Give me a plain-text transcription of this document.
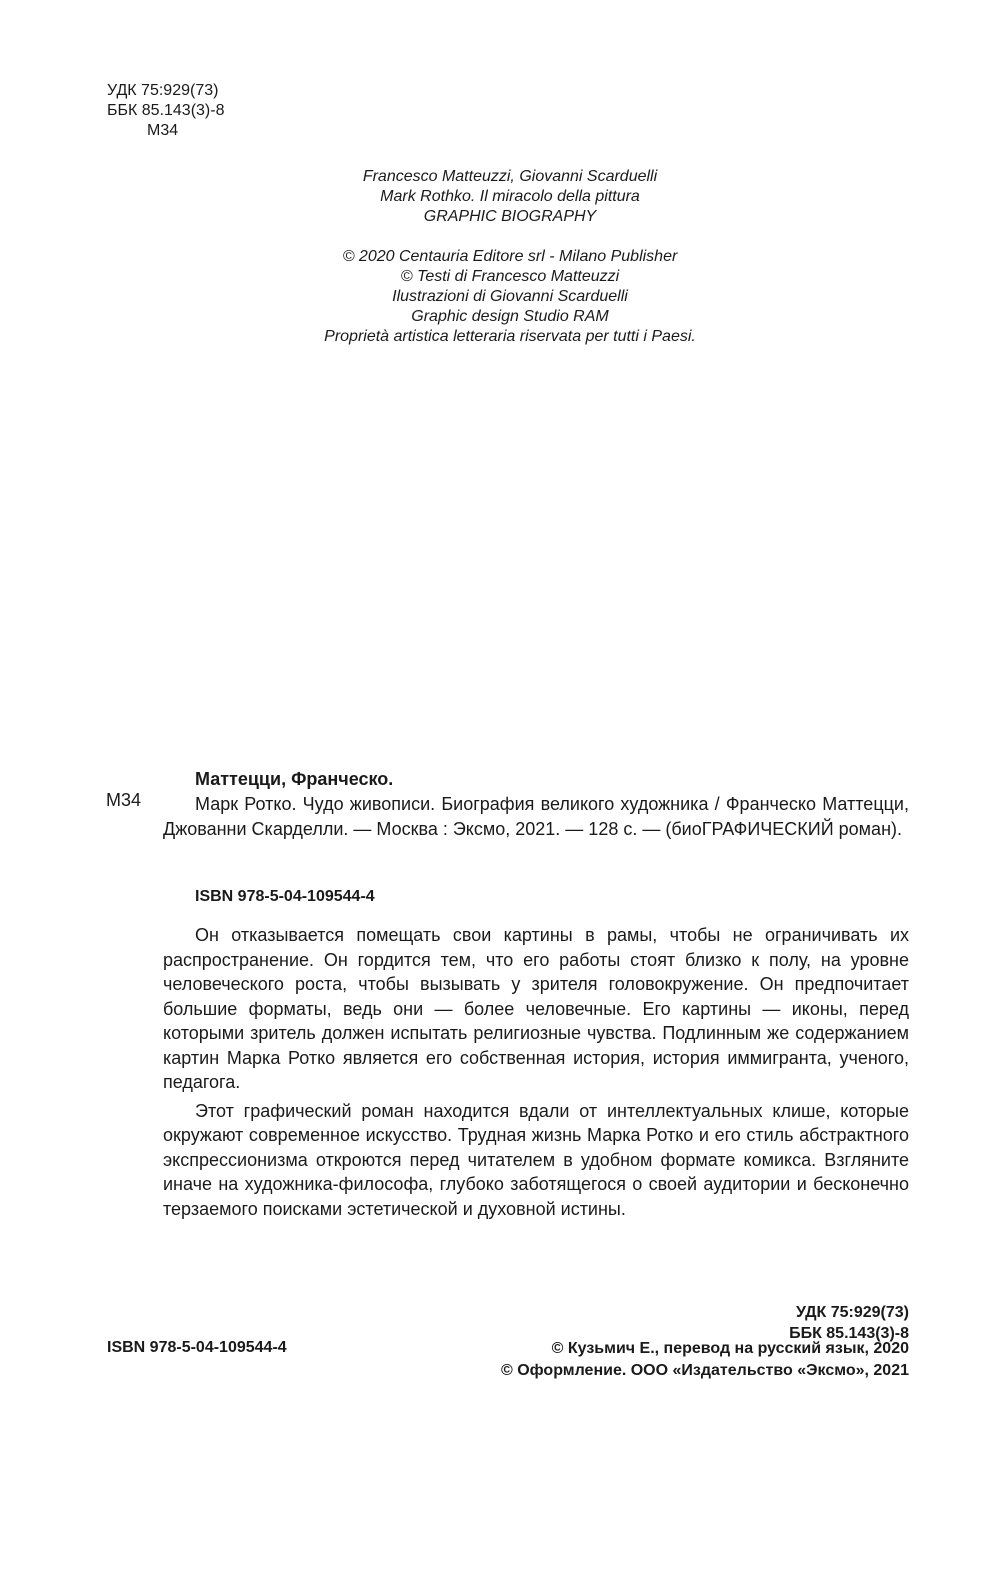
УДК 75:929(73)
ББК 85.143(3)-8
М34
Francesco Matteuzzi, Giovanni Scarduelli
Mark Rothko. Il miracolo della pittura
GRAPHIC BIOGRAPHY
© 2020 Centauria Editore srl - Milano Publisher
© Testi di Francesco Matteuzzi
Ilustrazioni di Giovanni Scarduelli
Graphic design Studio RAM
Proprietà artistica letteraria riservata per tutti i Paesi.
М34
Маттецци, Франческо.

Марк Ротко. Чудо живописи. Биография великого художника / Франческо Маттецци, Джованни Скарделли. — Москва : Эксмо, 2021. — 128 с. — (биоГРАФИЧЕСКИЙ роман).

ISBN 978-5-04-109544-4

Он отказывается помещать свои картины в рамы, чтобы не ограничивать их распространение. Он гордится тем, что его работы стоят близко к полу, на уровне человеческого роста, чтобы вызывать у зрителя головокружение. Он предпочитает большие форматы, ведь они — более человечные. Его картины — иконы, перед которыми зритель должен испытать религиозные чувства. Подлинным же содержанием картин Марка Ротко является его собственная история, история иммигранта, ученого, педагога.

Этот графический роман находится вдали от интеллектуальных клише, которые окружают современное искусство. Трудная жизнь Марка Ротко и его стиль абстрактного экспрессионизма откроются перед читателем в удобном формате комикса. Взгляните иначе на художника-философа, глубоко заботящегося о своей аудитории и бесконечно терзаемого поисками эстетической и духовной истины.

УДК 75:929(73)
ББК 85.143(3)-8
ISBN 978-5-04-109544-4	© Кузьмич Е., перевод на русский язык, 2020
© Оформление. ООО «Издательство «Эксмо», 2021
